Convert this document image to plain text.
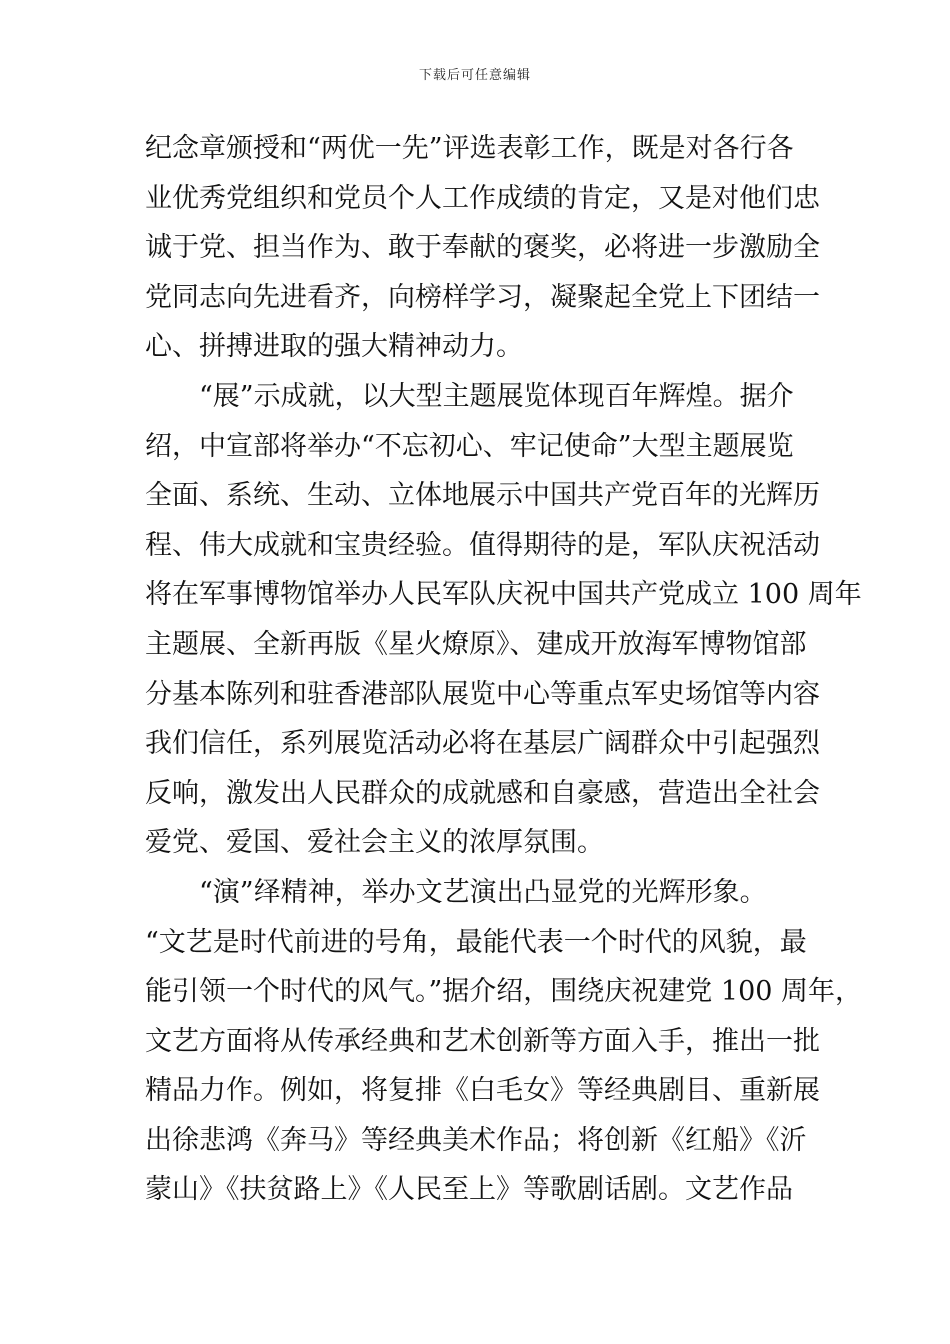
下载后可任意编辑
纪念章颁授和“两优一先”评选表彰工作，既是对各行各
业优秀党组织和党员个人工作成绩的肯定，又是对他们忠
诚于党、担当作为、敢于奉献的褒奖，必将进一步激励全
党同志向先进看齐，向榜样学习，凝聚起全党上下团结一
心、拼搏进取的强大精神动力。
“展”示成就，以大型主题展览体现百年辉煌。据介
绍，中宣部将举办“不忘初心、牢记使命”大型主题展览
全面、系统、生动、立体地展示中国共产党百年的光辉历
程、伟大成就和宝贵经验。值得期待的是，军队庆祝活动
将在军事博物馆举办人民军队庆祝中国共产党成立 100 周年
主题展、全新再版《星火燎原》、建成开放海军博物馆部
分基本陈列和驻香港部队展览中心等重点军史场馆等内容
我们信任，系列展览活动必将在基层广阔群众中引起强烈
反响，激发出人民群众的成就感和自豪感，营造出全社会
爱党、爱国、爱社会主义的浓厚氛围。
“演”绎精神，举办文艺演出凸显党的光辉形象。
“文艺是时代前进的号角，最能代表一个时代的风貌，最
能引领一个时代的风气。”据介绍，围绕庆祝建党 100 周年，
文艺方面将从传承经典和艺术创新等方面入手，推出一批
精品力作。例如，将复排《白毛女》等经典剧目、重新展
出徐悲鸿《奔马》等经典美术作品；将创新《红船》《沂
蒙山》《扶贫路上》《人民至上》等歌剧话剧。文艺作品
